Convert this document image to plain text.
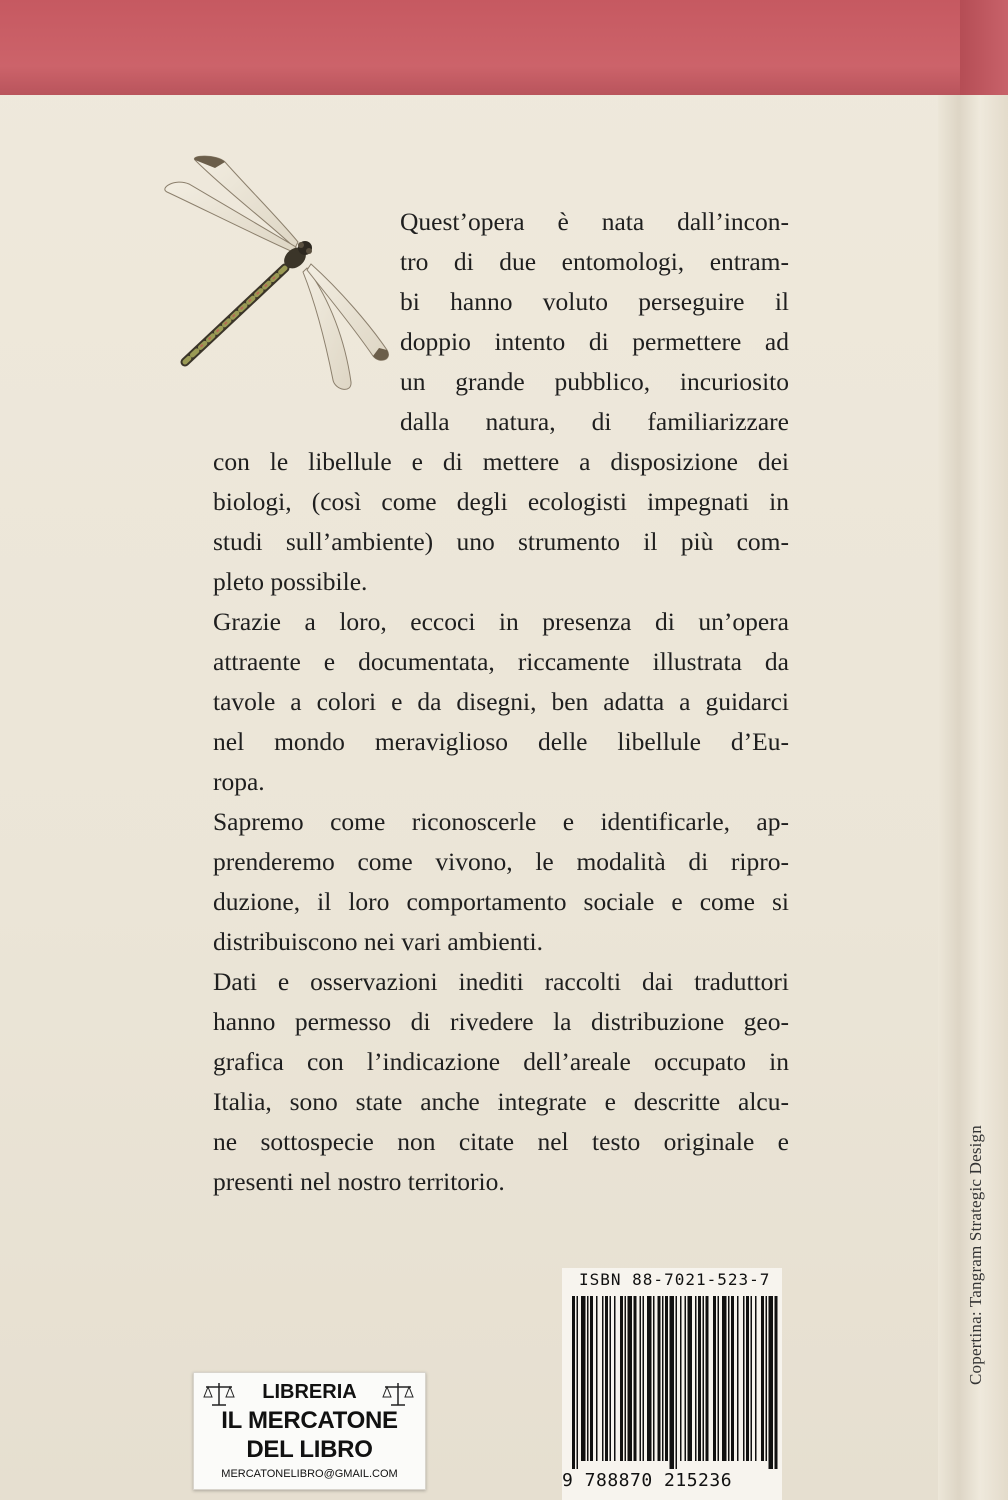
Copertina: Tangram Strategic Design
Quest’opera è nata dall’incon-
tro di due entomologi, entram-
bi hanno voluto perseguire il
doppio intento di permettere ad
un grande pubblico, incuriosito
dalla natura, di familiarizzare
con le libellule e di mettere a disposizione dei
biologi, (così come degli ecologisti impegnati in
studi sull’ambiente) uno strumento il più com-
pleto possibile.
Grazie a loro, eccoci in presenza di un’opera
attraente e documentata, riccamente illustrata da
tavole a colori e da disegni, ben adatta a guidarci
nel mondo meraviglioso delle libellule d’Eu-
ropa.
Sapremo come riconoscerle e identificarle, ap-
prenderemo come vivono, le modalità di ripro-
duzione, il loro comportamento sociale e come si
distribuiscono nei vari ambienti.
Dati e osservazioni inediti raccolti dai traduttori
hanno permesso di rivedere la distribuzione geo-
grafica con l’indicazione dell’areale occupato in
Italia, sono state anche integrate e descritte alcu-
ne sottospecie non citate nel testo originale e
presenti nel nostro territorio.
ISBN 88-7021-523-7
9 788870 215236
LIBRERIA
IL MERCATONE
DEL LIBRO
MERCATONELIBRO@GMAIL.COM
